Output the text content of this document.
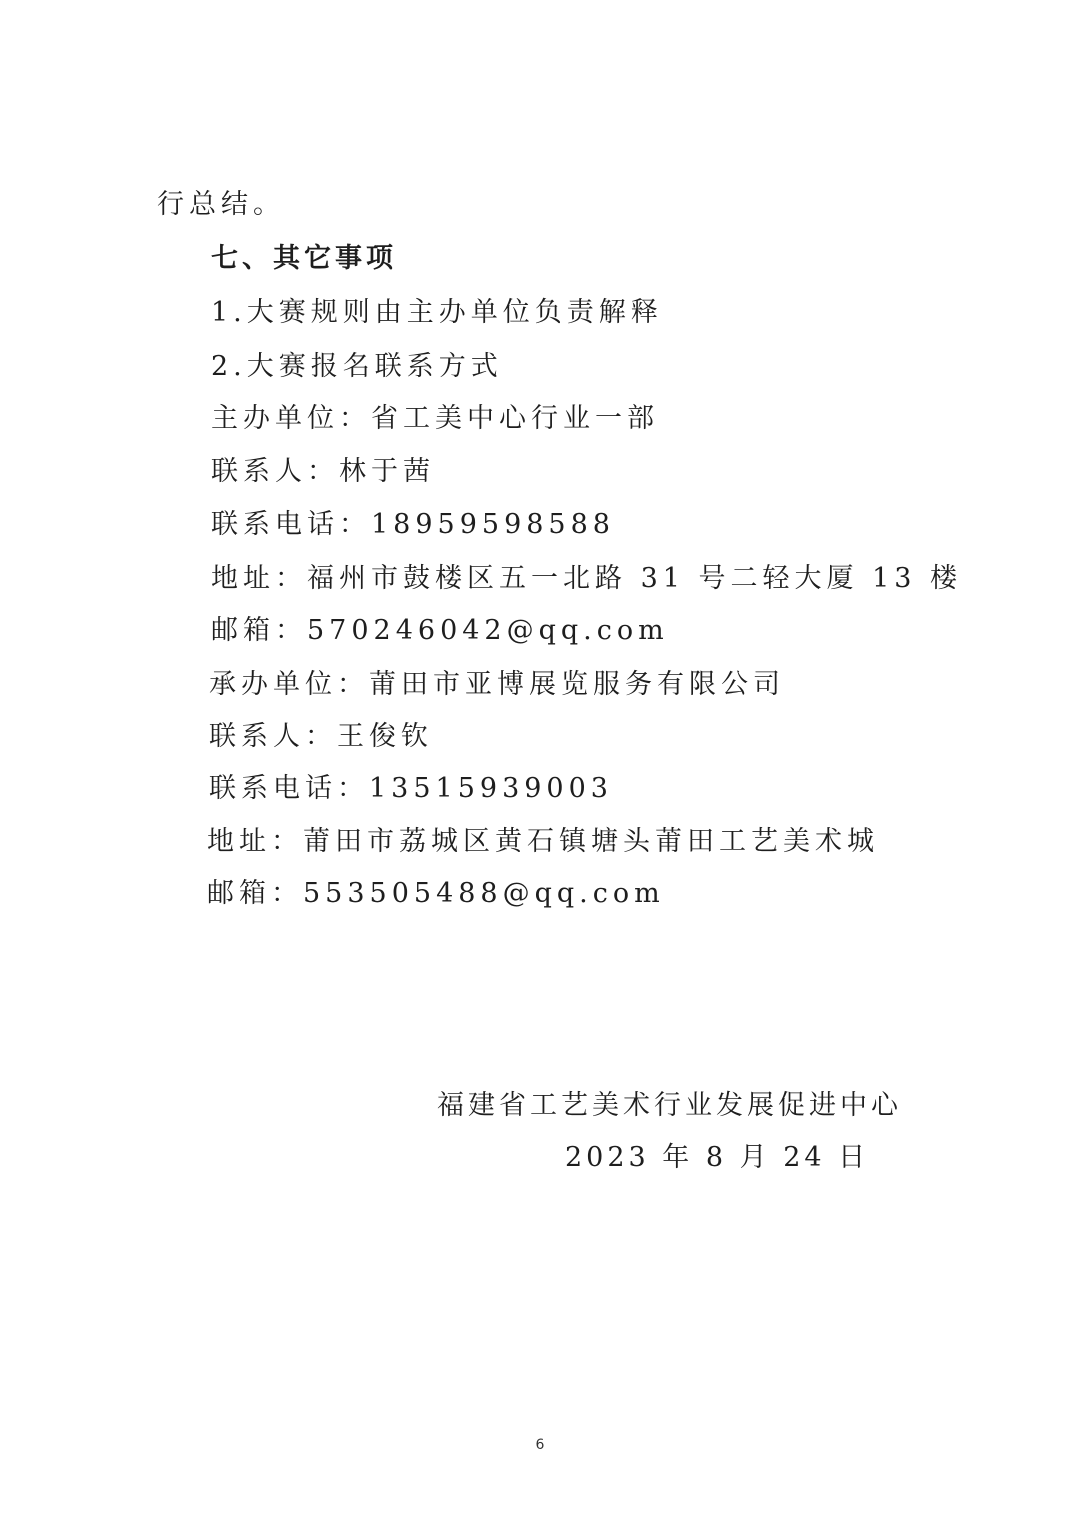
行总结。
七、其它事项
1.大赛规则由主办单位负责解释
2.大赛报名联系方式
主办单位：省工美中心行业一部
联系人：林于茜
联系电话：18959598588
地址：福州市鼓楼区五一北路 31 号二轻大厦 13 楼
邮箱：570246042@qq.com
承办单位：莆田市亚博展览服务有限公司
联系人：王俊钦
联系电话：13515939003
地址：莆田市荔城区黄石镇塘头莆田工艺美术城
邮箱：553505488@qq.com
福建省工艺美术行业发展促进中心
2023 年 8 月 24 日
6
